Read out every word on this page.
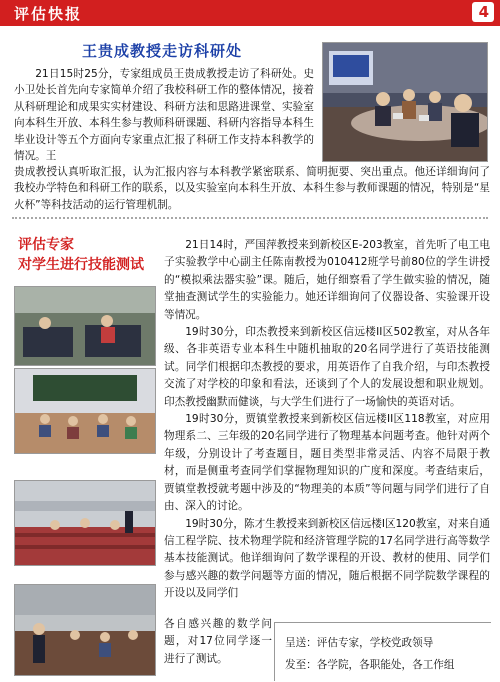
评估快报	4
王贵成教授走访科研处
21日15时25分，专家组成员王贵成教授走访了科研处。史小卫处长首先向专家简单介绍了我校科研工作的整体情况，接着从科研理论和成果实实材建设、科研方法和思路进课堂、实验室向本科生开放、本科生参与教师科研课题、科研内容指导本科生毕业设计等五个方面向专家重点汇报了科研工作支持本科教学的情况。王
贵成教授认真听取汇报，认为汇报内容与本科教学紧密联系、简明扼要、突出重点。他还详细询问了我校办学特色和科研工作的联系，以及实验室向本科生开放、本科生参与教师课题的情况，特别是“星火杯”等科技活动的运行管理机制。
评估专家
对学生进行技能测试

21日14时，严国萍教授来到新校区E-203教室，首先听了电工电子实验教学中心副主任陈南教授为010412班学号前80位的学生讲授的“模拟乘法器实验”课。随后，她仔细察看了学生做实验的情况，随堂抽查测试学生的实验能力。她还详细询问了仪器设备、实验课开设等情况。

19时30分，印杰教授来到新校区信远楼II区502教室，对从各年级、各非英语专业本科生中随机抽取的20名同学进行了英语技能测试。同学们根据印杰教授的要求，用英语作了自我介绍，与印杰教授交流了对学校的印象和看法，还谈到了个人的发展设想和职业规划。印杰教授幽默而健谈，与大学生们进行了一场愉快的英语对话。

19时30分，贾镇堂教授来到新校区信远楼II区118教室，对应用物理系二、三年级的20名同学进行了物理基本问题考查。他针对两个年级，分别设计了考查题目，题目类型非常灵活、内容不局限于教材，而是侧重考查同学们掌握物理知识的广度和深度。考查结束后，贾镇堂教授就考题中涉及的“物理美的本质”等问题与同学们进行了自由、深入的讨论。

19时30分，陈才生教授来到新校区信远楼Ⅰ区120教室，对来自通信工程学院、技术物理学院和经济管理学院的17名同学进行高等数学基本技能测试。他详细询问了数学课程的开设、教材的使用、同学们参与感兴趣的数学问题等方面的情况，随后根据不同学院数学课程的开设以及同学们

各自感兴趣的数学问题，对17位同学逐一进行了测试。
呈送：评估专家，学校党政领导
发至：各学院，各职能处，各工作组
